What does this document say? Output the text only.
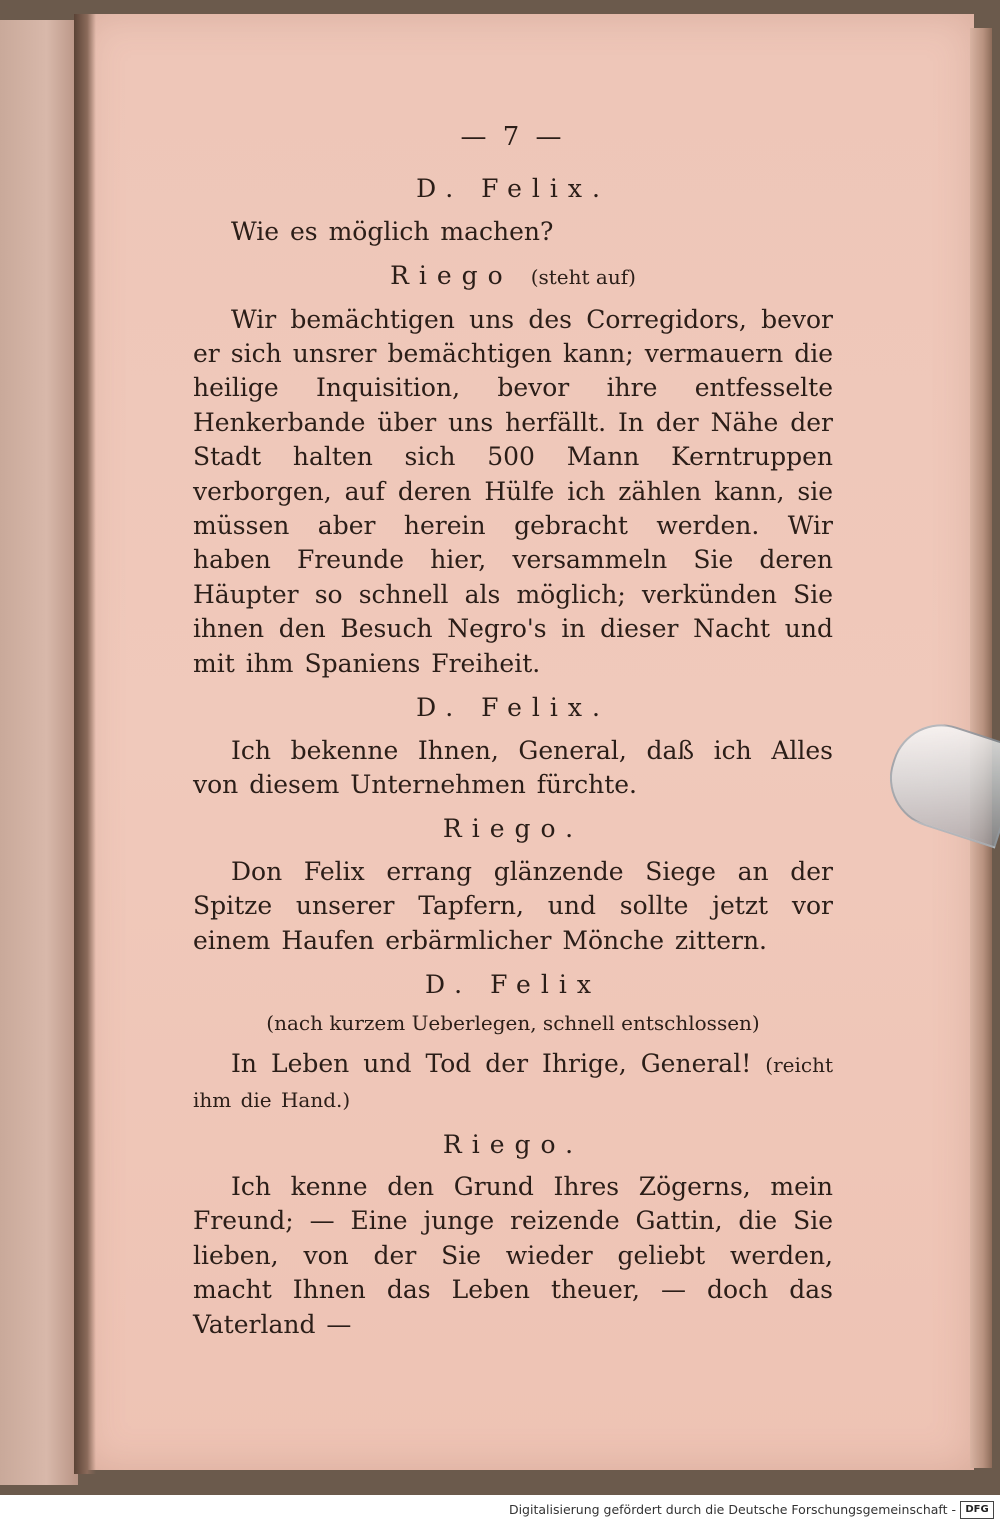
— 7 —
D. Felix.

Wie es möglich machen?

Riego (steht auf)

Wir bemächtigen uns des Corregidors, bevor er sich unsrer bemächtigen kann; vermauern die heilige Inquisition, bevor ihre entfesselte Henkerbande über uns herfällt. In der Nähe der Stadt halten sich 500 Mann Kerntruppen verborgen, auf deren Hülfe ich zählen kann, sie müssen aber herein gebracht werden. Wir haben Freunde hier, versammeln Sie deren Häupter so schnell als möglich; verkünden Sie ihnen den Besuch Negro's in dieser Nacht und mit ihm Spaniens Freiheit.

D. Felix.

Ich bekenne Ihnen, General, daß ich Alles von diesem Unternehmen fürchte.

Riego.

Don Felix errang glänzende Siege an der Spitze unserer Tapfern, und sollte jetzt vor einem Haufen erbärmlicher Mönche zittern.

D. Felix
(nach kurzem Ueberlegen, schnell entschlossen)

In Leben und Tod der Ihrige, General! (reicht ihm die Hand.)

Riego.

Ich kenne den Grund Ihres Zögerns, mein Freund; — Eine junge reizende Gattin, die Sie lieben, von der Sie wieder geliebt werden, macht Ihnen das Leben theuer, — doch das Vaterland —

Digitalisierung gefördert durch die Deutsche Forschungsgemeinschaft - DFG
